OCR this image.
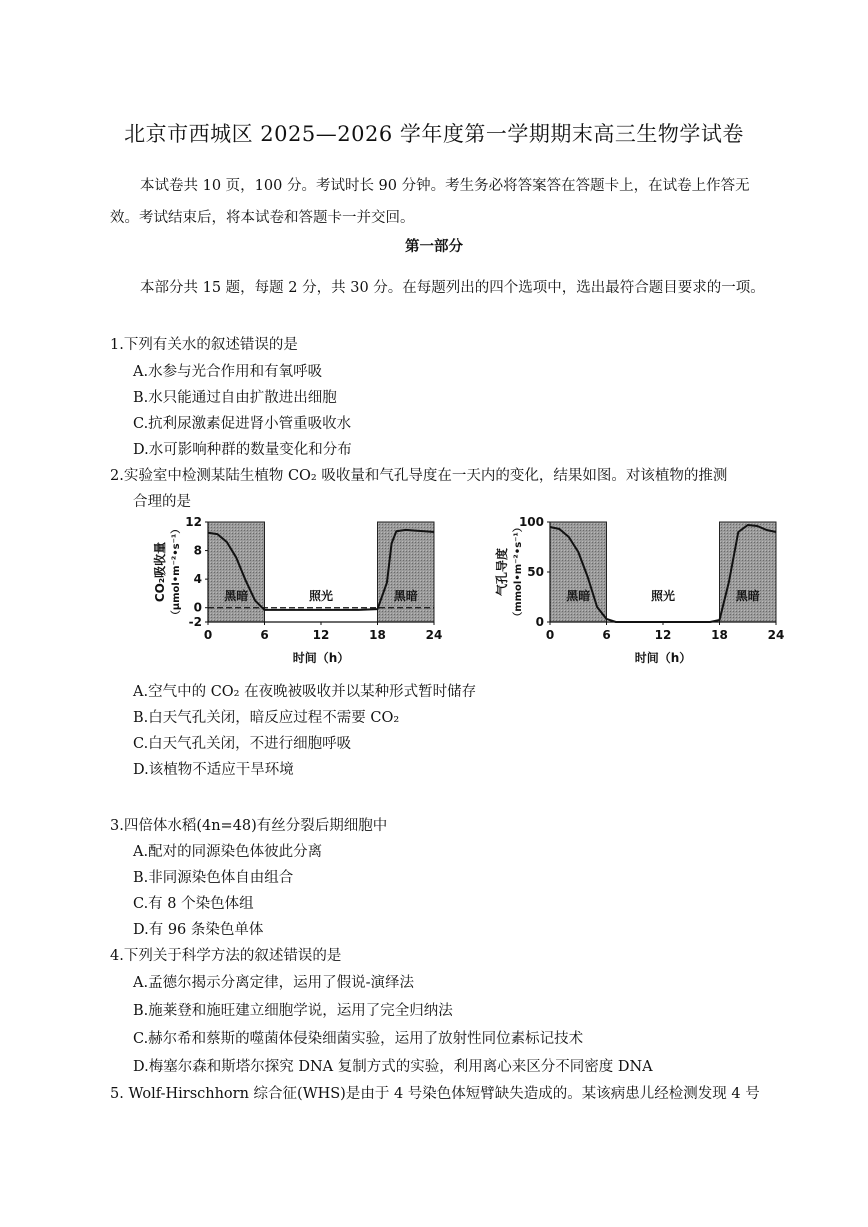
北京市西城区 2025—2026 学年度第一学期期末高三生物学试卷
本试卷共 10 页，100 分。考试时长 90 分钟。考生务必将答案答在答题卡上，在试卷上作答无效。考试结束后，将本试卷和答题卡一并交回。
第一部分
本部分共 15 题，每题 2 分，共 30 分。在每题列出的四个选项中，选出最符合题目要求的一项。
1.下列有关水的叙述错误的是
A.水参与光合作用和有氧呼吸
B.水只能通过自由扩散进出细胞
C.抗利尿激素促进肾小管重吸收水
D.水可影响种群的数量变化和分布
2.实验室中检测某陆生植物 CO₂ 吸收量和气孔导度在一天内的变化，结果如图。对该植物的推测
合理的是
-2
0
4
8
12
0	6	12	18	24
黑暗	照光	黑暗
时间（h）
CO₂吸收量 （μmol•m⁻²•s⁻¹）
0
50
100
0	6	12	18	24
黑暗	照光	黑暗
时间（h）
气孔导度 （mmol•m⁻²•s⁻¹）
A.空气中的 CO₂ 在夜晚被吸收并以某种形式暂时储存
B.白天气孔关闭，暗反应过程不需要 CO₂
C.白天气孔关闭，不进行细胞呼吸
D.该植物不适应干旱环境
3.四倍体水稻(4n=48)有丝分裂后期细胞中
A.配对的同源染色体彼此分离
B.非同源染色体自由组合
C.有 8 个染色体组
D.有 96 条染色单体
4.下列关于科学方法的叙述错误的是
A.孟德尔揭示分离定律，运用了假说-演绎法
B.施莱登和施旺建立细胞学说，运用了完全归纳法
C.赫尔希和蔡斯的噬菌体侵染细菌实验，运用了放射性同位素标记技术
D.梅塞尔森和斯塔尔探究 DNA 复制方式的实验，利用离心来区分不同密度 DNA
5. Wolf-Hirschhorn 综合征(WHS)是由于 4 号染色体短臂缺失造成的。某该病患儿经检测发现 4 号
